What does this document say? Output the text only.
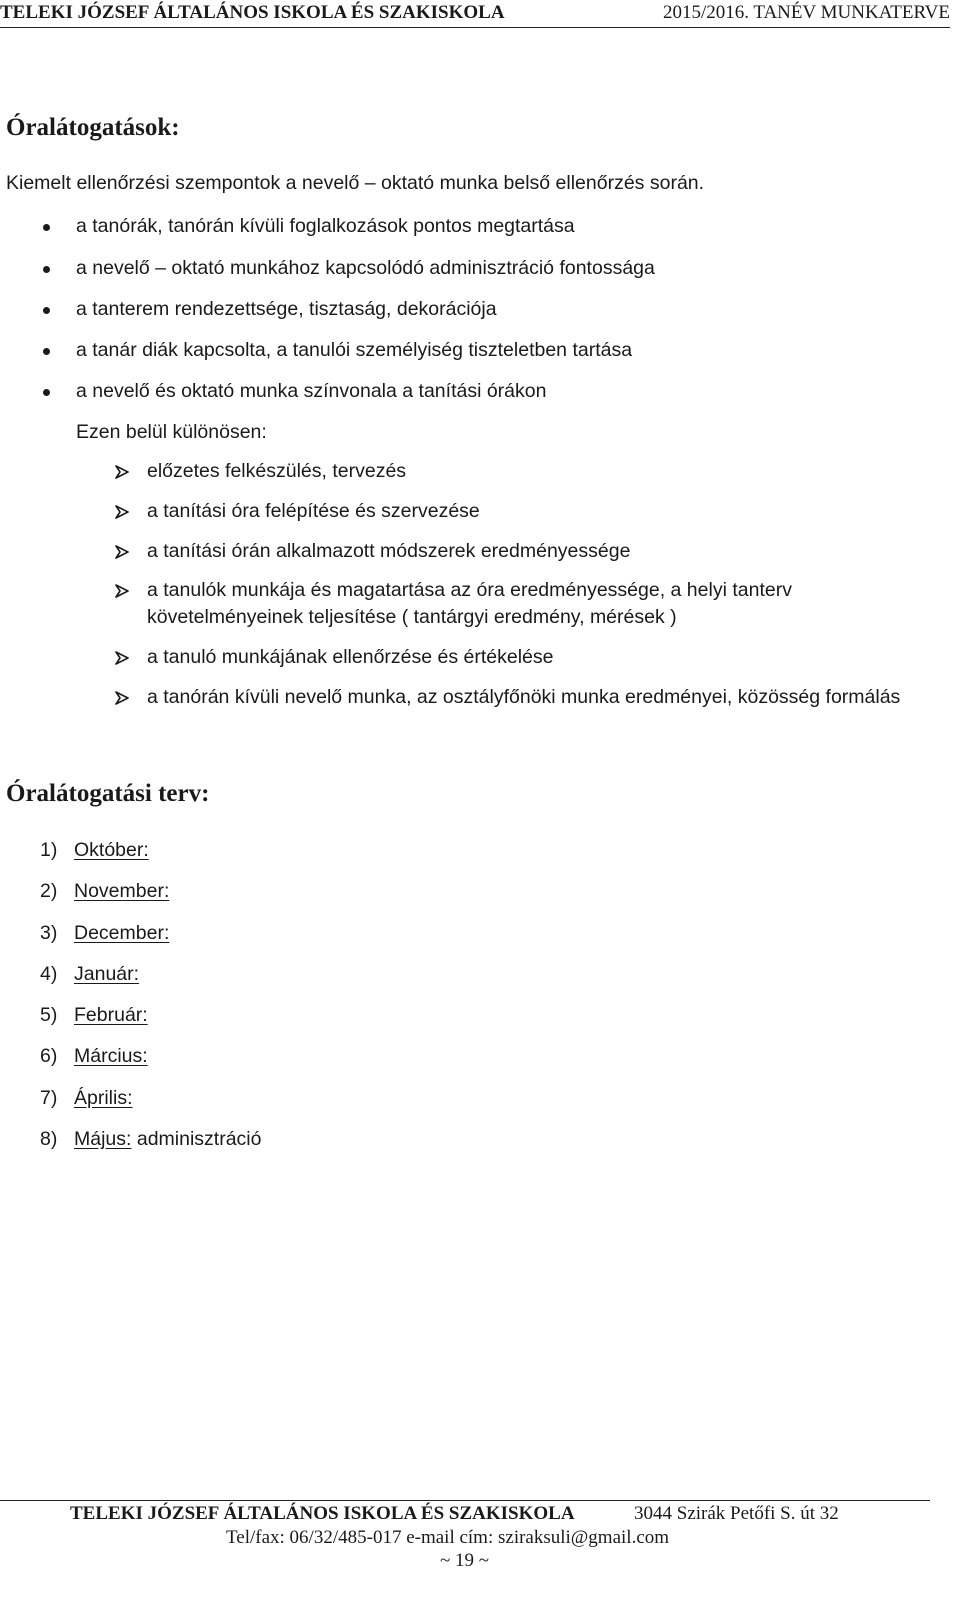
TELEKI JÓZSEF ÁLTALÁNOS ISKOLA ÉS SZAKISKOLA	2015/2016. TANÉV MUNKATERVE
Óralátogatások:
Kiemelt ellenőrzési szempontok a nevelő – oktató munka belső ellenőrzés során.
a tanórák, tanórán kívüli foglalkozások pontos megtartása
a nevelő – oktató munkához kapcsolódó adminisztráció fontossága
a tanterem rendezettsége, tisztaság, dekorációja
a tanár diák kapcsolta, a tanulói személyiség tiszteletben tartása
a nevelő és oktató munka színvonala a tanítási órákon
Ezen belül különösen:
előzetes felkészülés, tervezés
a tanítási óra felépítése és szervezése
a tanítási órán alkalmazott módszerek eredményessége
a tanulók munkája és magatartása az óra eredményessége, a helyi tanterv követelményeinek teljesítése ( tantárgyi eredmény, mérések )
a tanuló munkájának ellenőrzése és értékelése
a tanórán kívüli nevelő munka, az osztályfőnöki munka eredményei, közösség formálás
Óralátogatási terv:
1) Október:
2) November:
3) December:
4) Január:
5) Február:
6) Március:
7) Április:
8) Május: adminisztráció
TELEKI JÓZSEF ÁLTALÁNOS ISKOLA ÉS SZAKISKOLA	3044 Szirák Petőfi S. út 32
Tel/fax: 06/32/485-017 e-mail cím: sziraksuli@gmail.com
~ 19 ~
